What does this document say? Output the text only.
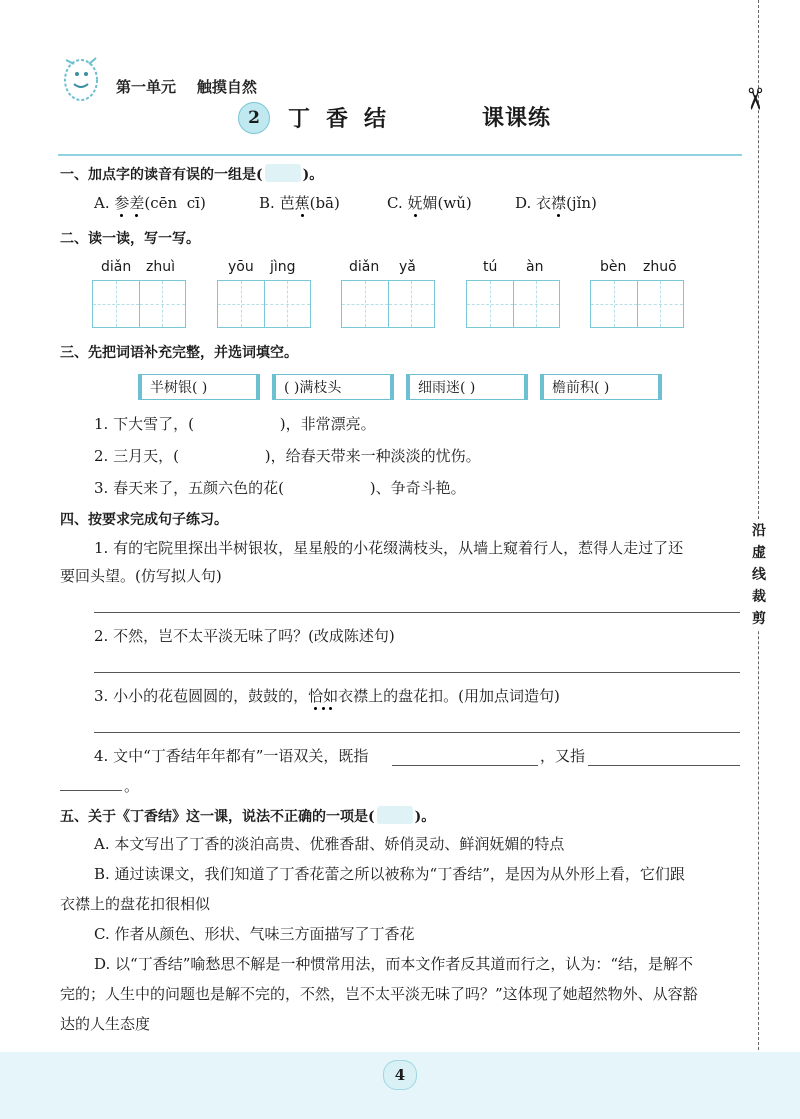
第一单元    触摸自然
2	丁香结	课课练
✂
沿
虚
线
裁
剪
一、加点字的读音有误的一组是(	)。
A. 参差(cēn  cī)	B. 芭蕉(bā)	C. 妩媚(wǔ)	D. 衣襟(jǐn)
二、读一读，写一写。
diǎn zhuì	yōu jìng	diǎn yǎ	tú àn	bèn zhuō
三、先把词语补充完整，并选词填空。
半树银( )	( )满枝头	细雨迷( )	檐前积( )
1. 下大雪了，(                  )，非常漂亮。
2. 三月天，(                  )，给春天带来一种淡淡的忧伤。
3. 春天来了，五颜六色的花(                  )、争奇斗艳。
四、按要求完成句子练习。
1. 有的宅院里探出半树银妆，星星般的小花缀满枝头，从墙上窥着行人，惹得人走过了还
要回头望。(仿写拟人句)
2. 不然，岂不太平淡无味了吗？(改成陈述句)
3. 小小的花苞圆圆的，鼓鼓的，恰如衣襟上的盘花扣。(用加点词造句)
4. 文中“丁香结年年都有”一语双关，既指	，又指
。
五、关于《丁香结》这一课，说法不正确的一项是(	)。
A. 本文写出了丁香的淡泊高贵、优雅香甜、娇俏灵动、鲜润妩媚的特点
B. 通过读课文，我们知道了丁香花蕾之所以被称为“丁香结”，是因为从外形上看，它们跟
衣襟上的盘花扣很相似
C. 作者从颜色、形状、气味三方面描写了丁香花
D. 以“丁香结”喻愁思不解是一种惯常用法，而本文作者反其道而行之，认为：“结，是解不
完的；人生中的问题也是解不完的，不然，岂不太平淡无味了吗？”这体现了她超然物外、从容豁
达的人生态度
4
